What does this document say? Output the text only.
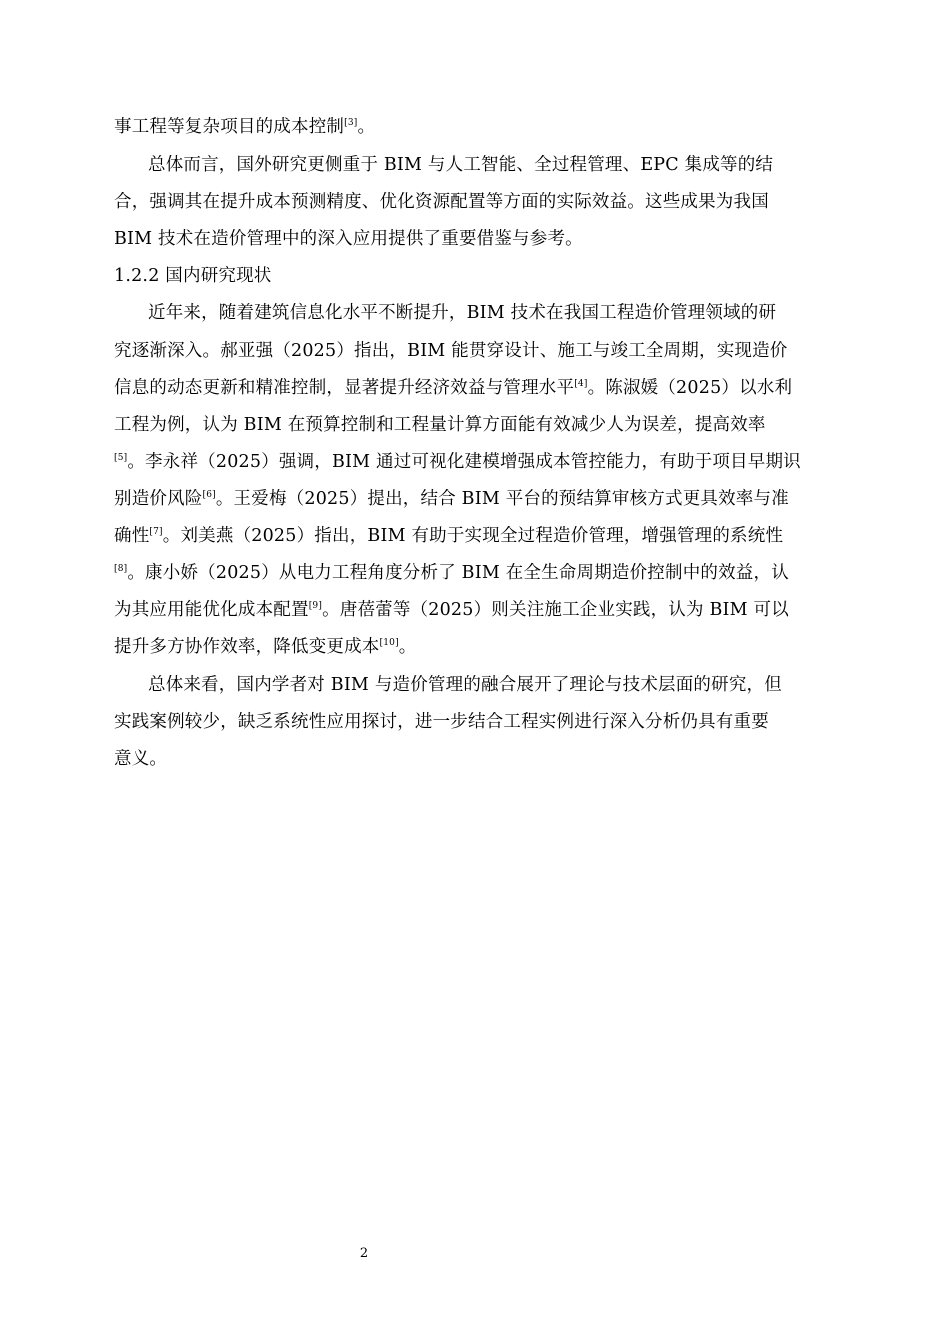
事工程等复杂项目的成本控制[3]。
总体而言，国外研究更侧重于 BIM 与人工智能、全过程管理、EPC 集成等的结
合，强调其在提升成本预测精度、优化资源配置等方面的实际效益。这些成果为我国
BIM 技术在造价管理中的深入应用提供了重要借鉴与参考。
1.2.2 国内研究现状
近年来，随着建筑信息化水平不断提升，BIM 技术在我国工程造价管理领域的研
究逐渐深入。郝亚强（2025）指出，BIM 能贯穿设计、施工与竣工全周期，实现造价
信息的动态更新和精准控制，显著提升经济效益与管理水平[4]。陈淑媛（2025）以水利
工程为例，认为 BIM 在预算控制和工程量计算方面能有效减少人为误差，提高效率
[5]。李永祥（2025）强调，BIM 通过可视化建模增强成本管控能力，有助于项目早期识
别造价风险[6]。王爱梅（2025）提出，结合 BIM 平台的预结算审核方式更具效率与准
确性[7]。刘美燕（2025）指出，BIM 有助于实现全过程造价管理，增强管理的系统性
[8]。康小娇（2025）从电力工程角度分析了 BIM 在全生命周期造价控制中的效益，认
为其应用能优化成本配置[9]。唐蓓蕾等（2025）则关注施工企业实践，认为 BIM 可以
提升多方协作效率，降低变更成本[10]。
总体来看，国内学者对 BIM 与造价管理的融合展开了理论与技术层面的研究，但
实践案例较少，缺乏系统性应用探讨，进一步结合工程实例进行深入分析仍具有重要
意义。
2
